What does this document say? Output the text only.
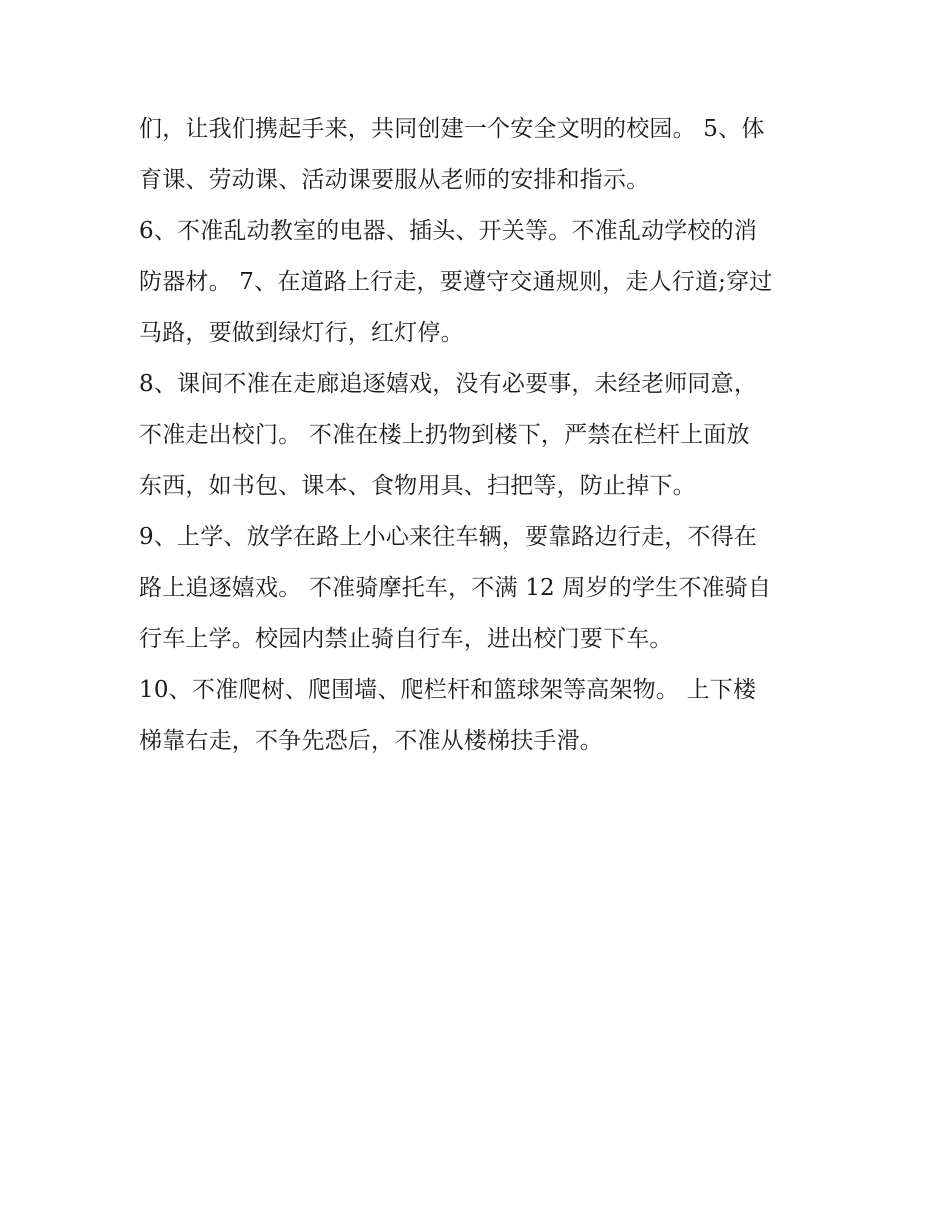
们，让我们携起手来，共同创建一个安全文明的校园。 5、体
育课、劳动课、活动课要服从老师的安排和指示。

6、不准乱动教室的电器、插头、开关等。不准乱动学校的消
防器材。 7、在道路上行走，要遵守交通规则，走人行道;穿过
马路，要做到绿灯行，红灯停。

8、课间不准在走廊追逐嬉戏，没有必要事，未经老师同意，
不准走出校门。 不准在楼上扔物到楼下，严禁在栏杆上面放
东西，如书包、课本、食物用具、扫把等，防止掉下。

9、上学、放学在路上小心来往车辆，要靠路边行走，不得在
路上追逐嬉戏。 不准骑摩托车，不满 12 周岁的学生不准骑自
行车上学。校园内禁止骑自行车，进出校门要下车。

10、不准爬树、爬围墙、爬栏杆和篮球架等高架物。 上下楼
梯靠右走，不争先恐后，不准从楼梯扶手滑。
